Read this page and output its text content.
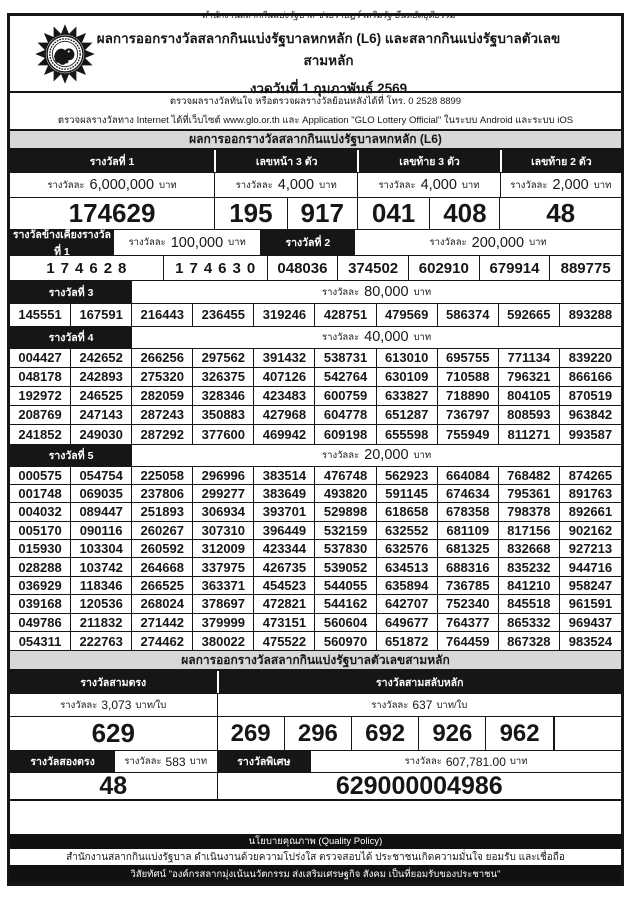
สำนักงานสลากกินแบ่งรัฐบาล ช่วยราษฎร์ เสริมรัฐ ยืนหยัดยุติธรรม
ผลการออกรางวัลสลากกินแบ่งรัฐบาลหกหลัก (L6) และสลากกินแบ่งรัฐบาลตัวเลขสามหลัก
งวดวันที่ 1 กุมภาพันธ์ 2569
ตรวจผลรางวัลทันใจ หรือตรวจผลรางวัลย้อนหลังได้ที่ โทร. 0 2528 8899
ตรวจผลรางวัลทาง Internet ได้ที่เว็บไซต์ www.glo.or.th และ Application "GLO Lottery Official" ในระบบ Android และระบบ iOS
ผลการออกรางวัลสลากกินแบ่งรัฐบาลหกหลัก (L6)
รางวัลที่ 1	เลขหน้า 3 ตัว	เลขท้าย 3 ตัว	เลขท้าย 2 ตัว
รางวัลละ 6,000,000 บาท	รางวัลละ 4,000 บาท	รางวัลละ 4,000 บาท	รางวัลละ 2,000 บาท
174629	195	917	041	408	48
รางวัลข้างเคียงรางวัลที่ 1
รางวัลละ 100,000 บาท	รางวัลที่ 2	รางวัลละ 200,000 บาท
174628	174630	048036	374502	602910	679914	889775
รางวัลที่ 3	รางวัลละ 80,000 บาท
145551	167591	216443	236455	319246	428751	479569	586374	592665	893288
รางวัลที่ 4	รางวัลละ 40,000 บาท
004427	242652	266256	297562	391432	538731	613010	695755	771134	839220
048178	242893	275320	326375	407126	542764	630109	710588	796321	866166
192972	246525	282059	328346	423483	600759	633827	718890	804105	870519
208769	247143	287243	350883	427968	604778	651287	736797	808593	963842
241852	249030	287292	377600	469942	609198	655598	755949	811271	993587
รางวัลที่ 5	รางวัลละ 20,000 บาท
000575	054754	225058	296996	383514	476748	562923	664084	768482	874265
001748	069035	237806	299277	383649	493820	591145	674634	795361	891763
004032	089447	251893	306934	393701	529898	618658	678358	798378	892661
005170	090116	260267	307310	396449	532159	632552	681109	817156	902162
015930	103304	260592	312009	423344	537830	632576	681325	832668	927213
028288	103742	264668	337975	426735	539052	634513	688316	835232	944716
036929	118346	266525	363371	454523	544055	635894	736785	841210	958247
039168	120536	268024	378697	472821	544162	642707	752340	845518	961591
049786	211832	271442	379999	473151	560604	649677	764377	865332	969437
054311	222763	274462	380022	475522	560970	651872	764459	867328	983524
ผลการออกรางวัลสลากกินแบ่งรัฐบาลตัวเลขสามหลัก
รางวัลสามตรง	รางวัลสามสลับหลัก
รางวัลละ 3,073 บาท/ใบ	รางวัลละ 637 บาท/ใบ
629	269	296	692	926	962
รางวัลสองตรง	รางวัลละ 583 บาท	รางวัลพิเศษ	รางวัลละ 607,781.00 บาท
48	629000004986
นโยบายคุณภาพ (Quality Policy)
สำนักงานสลากกินแบ่งรัฐบาล ดำเนินงานด้วยความโปร่งใส ตรวจสอบได้ ประชาชนเกิดความมั่นใจ ยอมรับ และเชื่อถือ
วิสัยทัศน์ "องค์กรสลากมุ่งเน้นนวัตกรรม ส่งเสริมเศรษฐกิจ สังคม เป็นที่ยอมรับของประชาชน"
